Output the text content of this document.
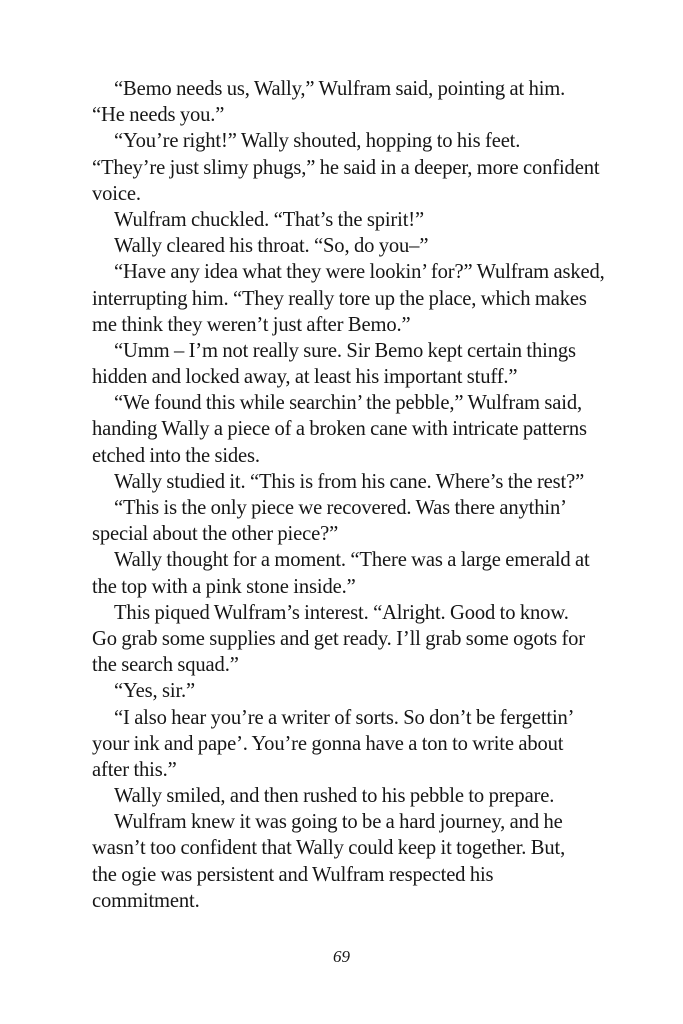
“Bemo needs us, Wally,” Wulfram said, pointing at him.
“He needs you.”
“You’re right!” Wally shouted, hopping to his feet.
“They’re just slimy phugs,” he said in a deeper, more confident
voice.
Wulfram chuckled. “That’s the spirit!”
Wally cleared his throat. “So, do you–”
“Have any idea what they were lookin’ for?” Wulfram asked,
interrupting him. “They really tore up the place, which makes
me think they weren’t just after Bemo.”
“Umm – I’m not really sure. Sir Bemo kept certain things
hidden and locked away, at least his important stuff.”
“We found this while searchin’ the pebble,” Wulfram said,
handing Wally a piece of a broken cane with intricate patterns
etched into the sides.
Wally studied it. “This is from his cane. Where’s the rest?”
“This is the only piece we recovered. Was there anythin’
special about the other piece?”
Wally thought for a moment. “There was a large emerald at
the top with a pink stone inside.”
This piqued Wulfram’s interest. “Alright. Good to know.
Go grab some supplies and get ready. I’ll grab some ogots for
the search squad.”
“Yes, sir.”
“I also hear you’re a writer of sorts. So don’t be fergettin’
your ink and pape’. You’re gonna have a ton to write about
after this.”
Wally smiled, and then rushed to his pebble to prepare.
Wulfram knew it was going to be a hard journey, and he
wasn’t too confident that Wally could keep it together. But,
the ogie was persistent and Wulfram respected his
commitment.
69
